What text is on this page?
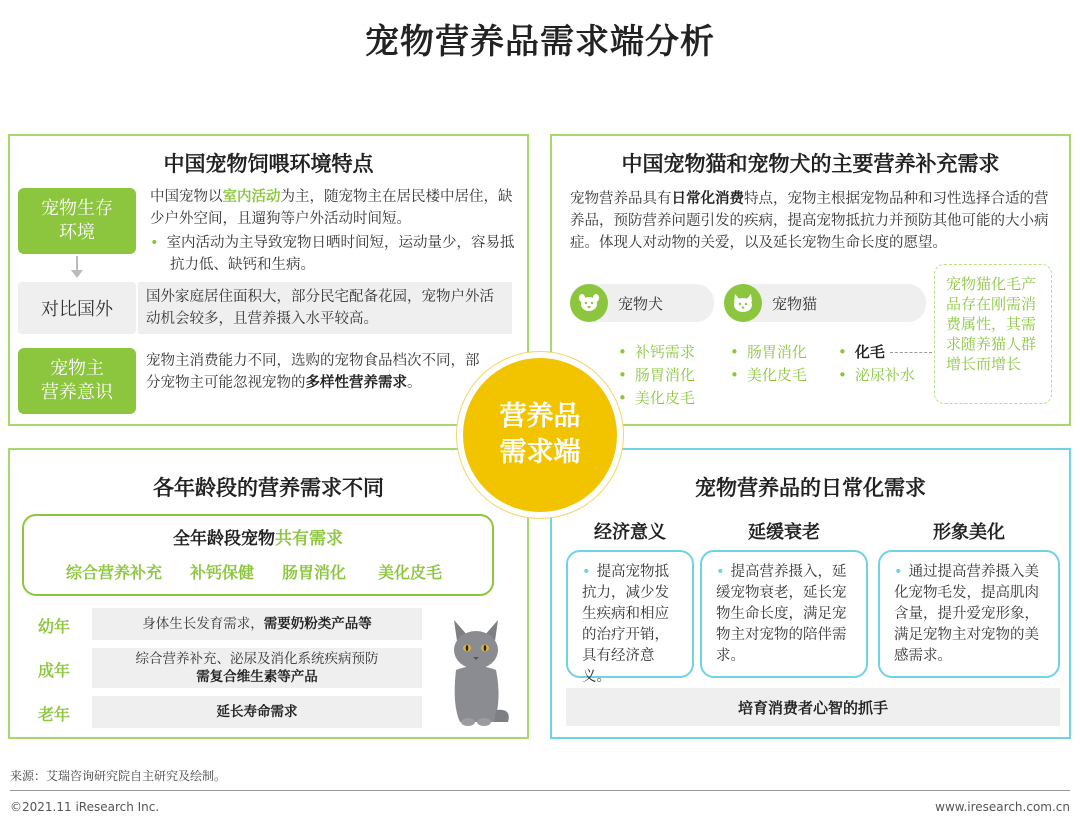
宠物营养品需求端分析
中国宠物饲喂环境特点
宠物生存
环境
中国宠物以室内活动为主，随宠物主在居民楼中居住，缺少户外空间，且遛狗等户外活动时间短。
• 室内活动为主导致宠物日晒时间短，运动量少，容易抵抗力低、缺钙和生病。
对比国外
国外家庭居住面积大，部分民宅配备花园，宠物户外活动机会较多，且营养摄入水平较高。
宠物主
营养意识
宠物主消费能力不同，选购的宠物食品档次不同，部分宠物主可能忽视宠物的多样性营养需求。
中国宠物猫和宠物犬的主要营养补充需求
宠物营养品具有日常化消费特点，宠物主根据宠物品种和习性选择合适的营养品，预防营养问题引发的疾病，提高宠物抵抗力并预防其他可能的大小病症。体现人对动物的关爱，以及延长宠物生命长度的愿望。
宠物犬	宠物猫
• 补钙需求
• 肠胃消化
• 美化皮毛
• 肠胃消化
• 美化皮毛
• 化毛
• 泌尿补水
宠物猫化毛产品存在刚需消费属性，其需求随养猫人群增长而增长
各年龄段的营养需求不同
全年龄段宠物共有需求
综合营养补充 补钙保健 肠胃消化 美化皮毛
幼年	身体生长发育需求，需要奶粉类产品等
成年
综合营养补充、泌尿及消化系统疾病预防
需复合维生素等产品
老年	延长寿命需求
宠物营养品的日常化需求
经济意义	延缓衰老	形象美化
• 提高宠物抵抗力，减少发生疾病和相应的治疗开销，具有经济意义。
• 提高营养摄入，延缓宠物衰老，延长宠物生命长度，满足宠物主对宠物的陪伴需求。
• 通过提高营养摄入美化宠物毛发，提高肌肉含量，提升爱宠形象，满足宠物主对宠物的美感需求。
培育消费者心智的抓手
营养品
需求端
来源：艾瑞咨询研究院自主研究及绘制。
©2021.11 iResearch Inc.	www.iresearch.com.cn
